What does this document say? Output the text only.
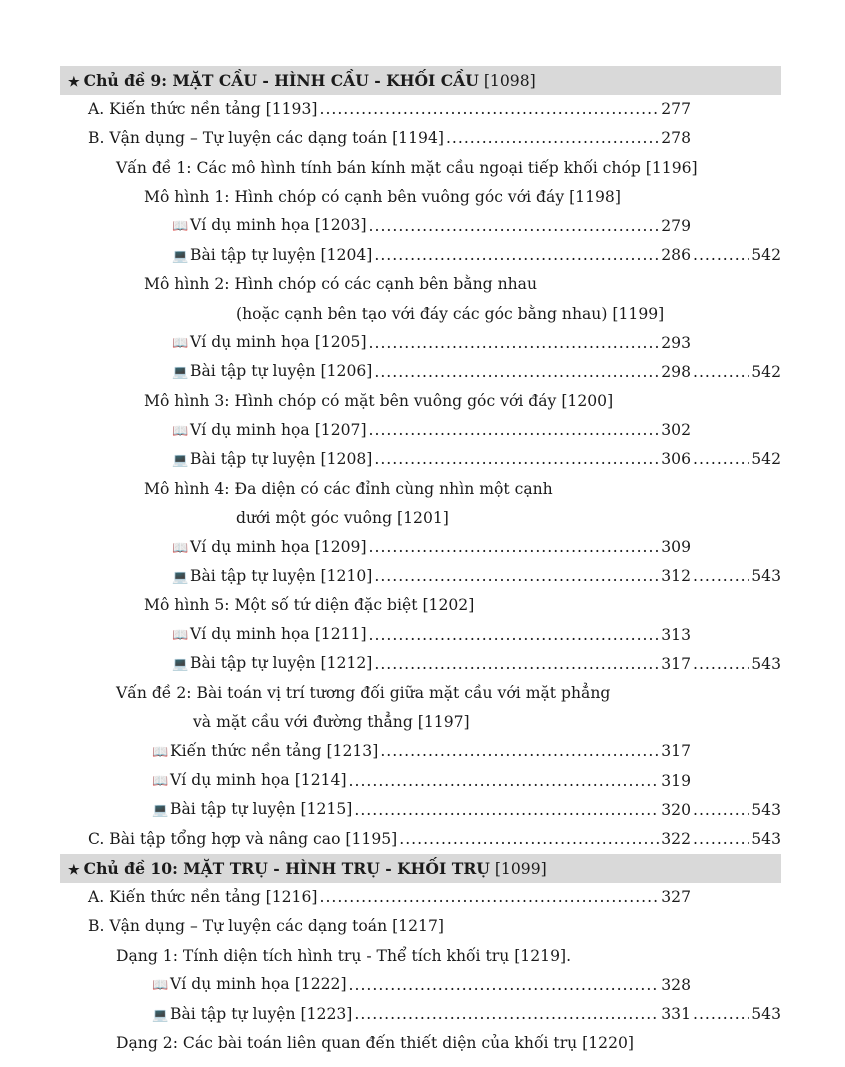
★ Chủ đề 9: MẶT CẦU - HÌNH CẦU - KHỐI CẦU [1098]
A. Kiến thức nền tảng [1193] .....	277
B. Vận dụng – Tự luyện các dạng toán [1194] .....	278
Vấn đề 1: Các mô hình tính bán kính mặt cầu ngoại tiếp khối chóp [1196]
Mô hình 1: Hình chóp có cạnh bên vuông góc với đáy [1198]
📖 Ví dụ minh họa [1203] .....	279
💻 Bài tập tự luyện [1204] .....	286 .....	542
Mô hình 2: Hình chóp có các cạnh bên bằng nhau
(hoặc cạnh bên tạo với đáy các góc bằng nhau) [1199]
📖 Ví dụ minh họa [1205] .....	293
💻 Bài tập tự luyện [1206] .....	298 .....	542
Mô hình 3: Hình chóp có mặt bên vuông góc với đáy [1200]
📖 Ví dụ minh họa [1207] .....	302
💻 Bài tập tự luyện [1208] .....	306 .....	542
Mô hình 4: Đa diện có các đỉnh cùng nhìn một cạnh
dưới một góc vuông [1201]
📖 Ví dụ minh họa [1209] .....	309
💻 Bài tập tự luyện [1210] .....	312 .....	543
Mô hình 5: Một số tứ diện đặc biệt [1202]
📖 Ví dụ minh họa [1211] .....	313
💻 Bài tập tự luyện [1212] .....	317 .....	543
Vấn đề 2: Bài toán vị trí tương đối giữa mặt cầu với mặt phẳng
và mặt cầu với đường thẳng [1197]
📖 Kiến thức nền tảng [1213] .....	317
📖 Ví dụ minh họa [1214] .....	319
💻 Bài tập tự luyện [1215] .....	320 .....	543
C. Bài tập tổng hợp và nâng cao [1195] .....	322 .....	543
★ Chủ đề 10: MẶT TRỤ - HÌNH TRỤ - KHỐI TRỤ [1099]
A. Kiến thức nền tảng [1216] .....	327
B. Vận dụng – Tự luyện các dạng toán [1217]
Dạng 1: Tính diện tích hình trụ - Thể tích khối trụ [1219].
📖 Ví dụ minh họa [1222] .....	328
💻 Bài tập tự luyện [1223] .....	331 .....	543
Dạng 2: Các bài toán liên quan đến thiết diện của khối trụ [1220]
